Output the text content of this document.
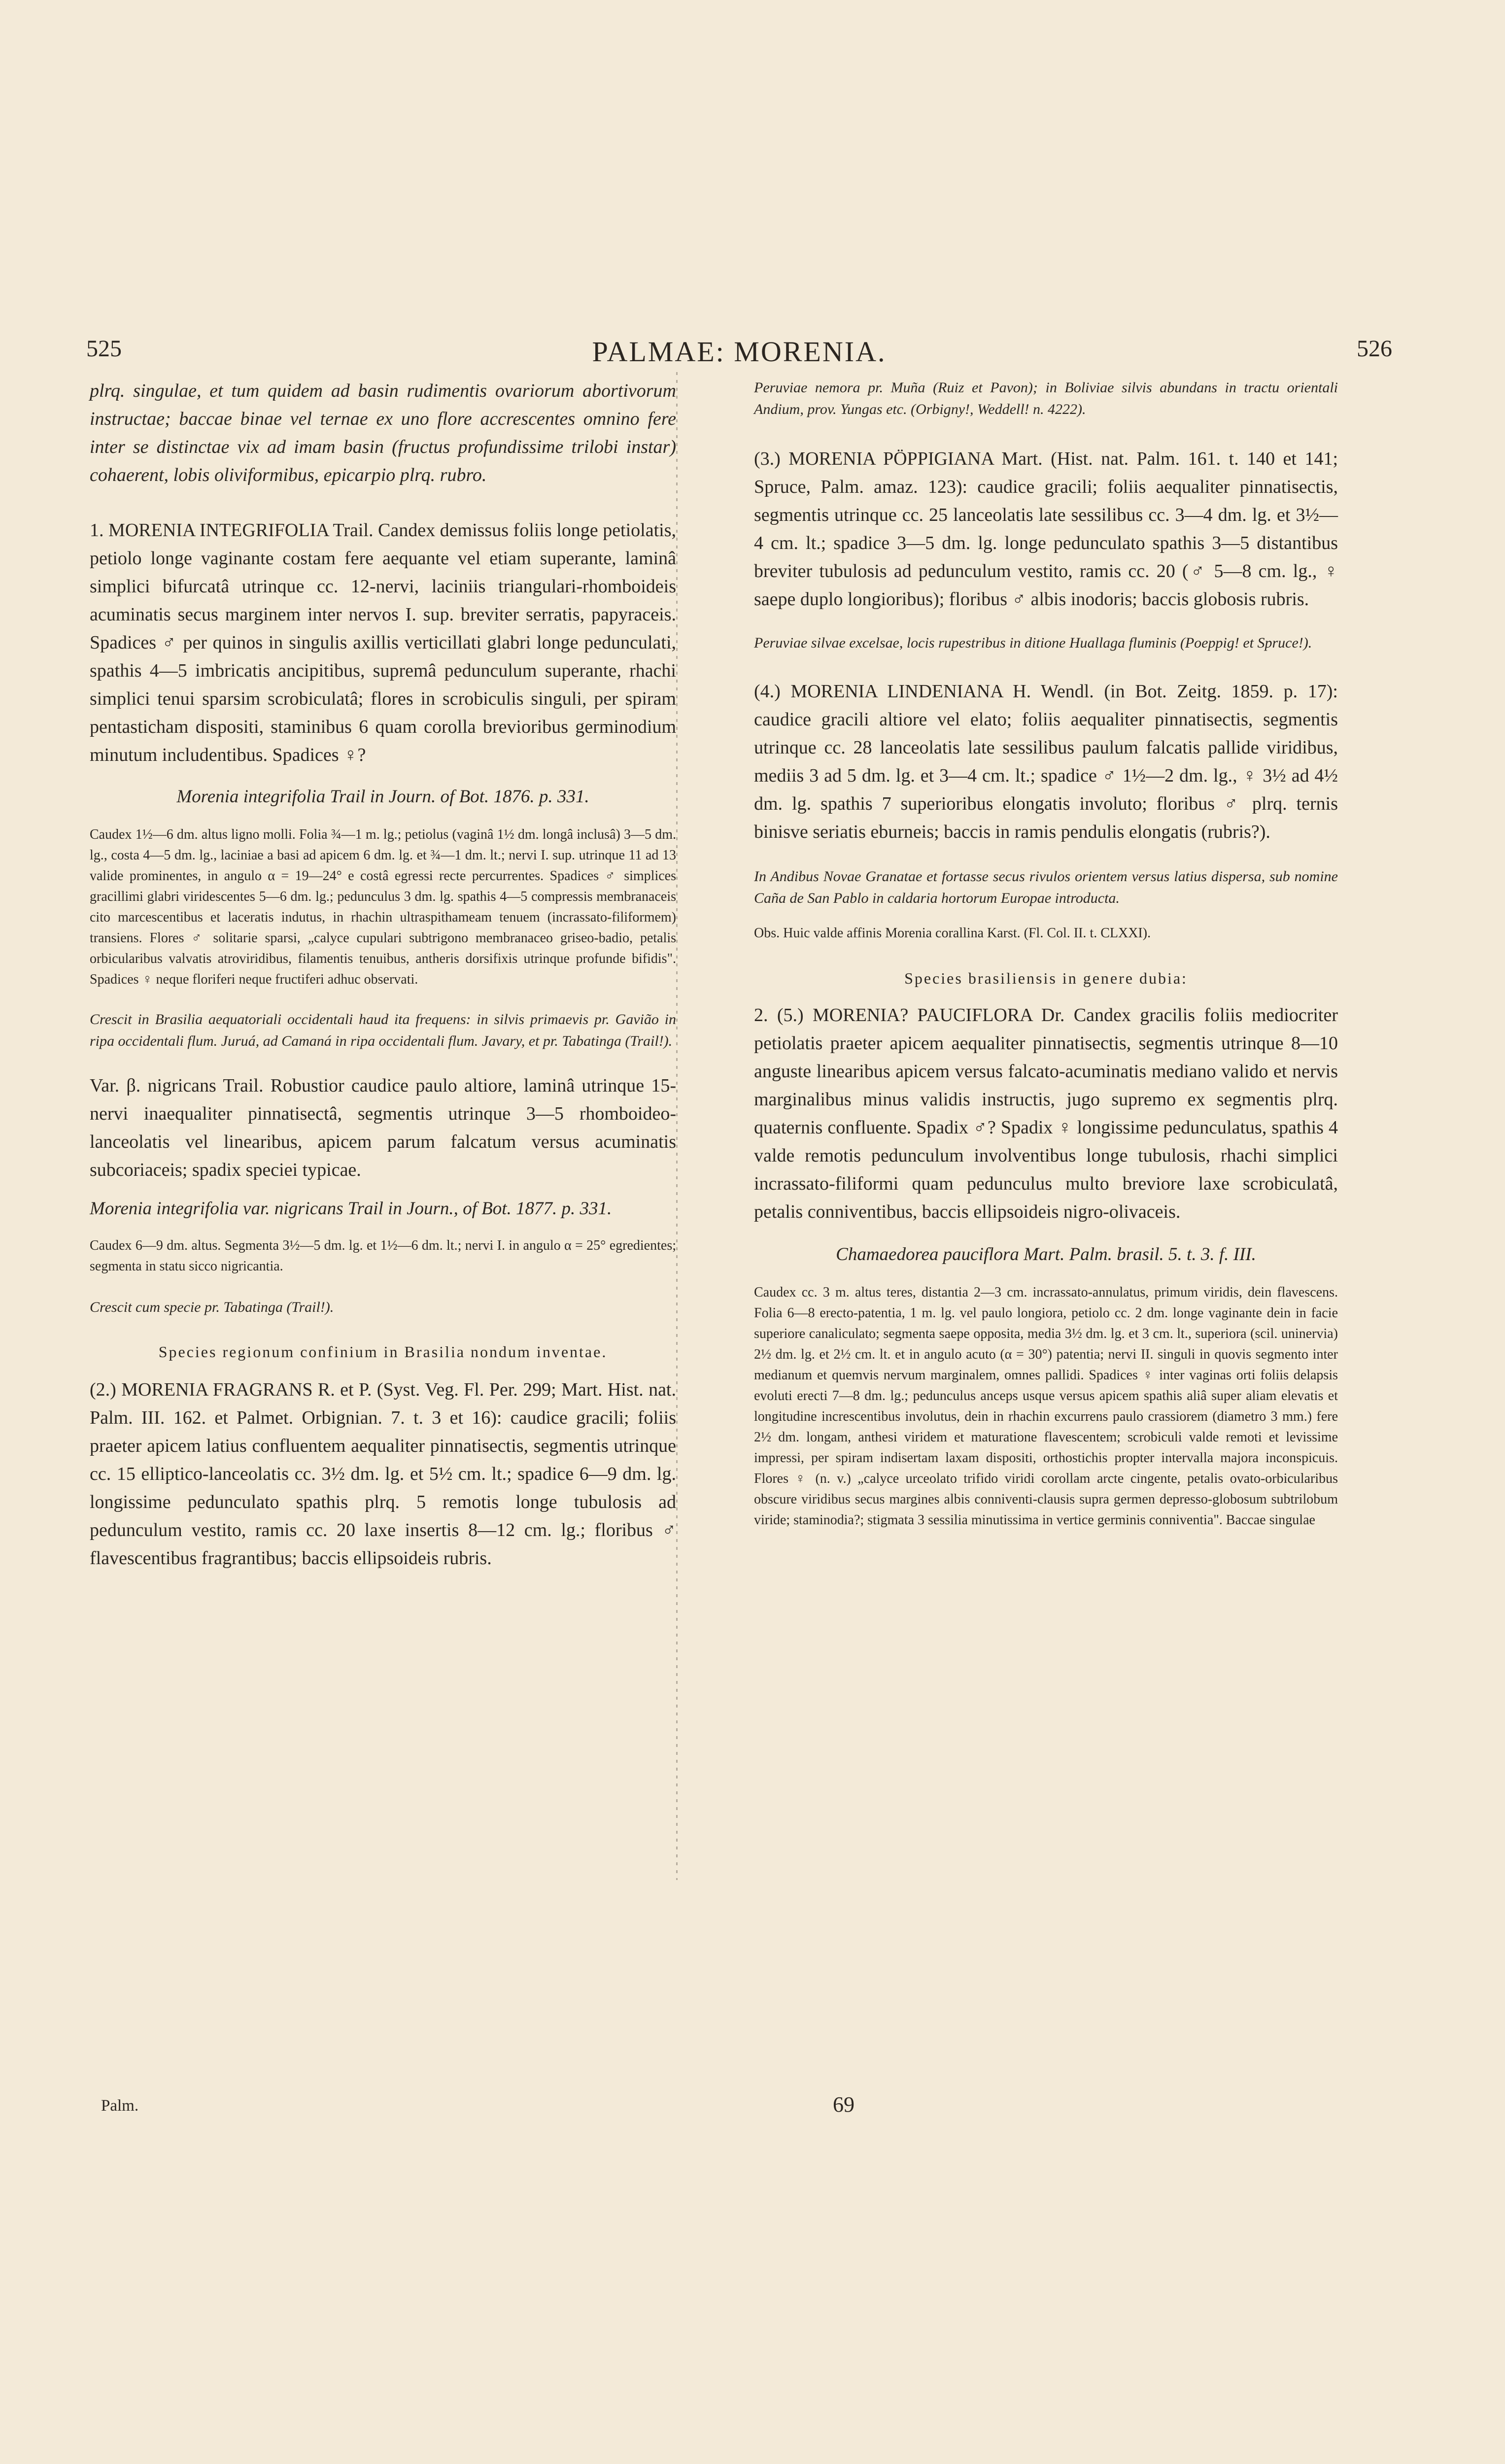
525	PALMAE: MORENIA.	526

plrq. singulae, et tum quidem ad basin rudimentis ovariorum abortivorum instructae; baccae binae vel ternae ex uno flore accrescentes omnino fere inter se distinctae vix ad imam basin (fructus profundissime trilobi instar) cohaerent, lobis oliviformibus, epicarpio plrq. rubro.

1. MORENIA INTEGRIFOLIA Trail. Candex demissus foliis longe petiolatis, petiolo longe vaginante costam fere aequante vel etiam superante, laminâ simplici bifurcatâ utrinque cc. 12-nervi, laciniis triangulari-rhomboideis acuminatis secus marginem inter nervos I. sup. breviter serratis, papyraceis. Spadices ♂ per quinos in singulis axillis verticillati glabri longe pedunculati, spathis 4—5 imbricatis ancipitibus, supremâ pedunculum superante, rhachi simplici tenui sparsim scrobiculatâ; flores in scrobiculis singuli, per spiram pentasticham dispositi, staminibus 6 quam corolla brevioribus germinodium minutum includentibus. Spadices ♀?

Morenia integrifolia Trail in Journ. of Bot. 1876. p. 331.

Caudex 1½—6 dm. altus ligno molli. Folia ¾—1 m. lg.; petiolus (vaginâ 1½ dm. longâ inclusâ) 3—5 dm. lg., costa 4—5 dm. lg., laciniae a basi ad apicem 6 dm. lg. et ¾—1 dm. lt.; nervi I. sup. utrinque 11 ad 13 valide prominentes, in angulo α = 19—24° e costâ egressi recte percurrentes. Spadices ♂ simplices gracillimi glabri viridescentes 5—6 dm. lg.; pedunculus 3 dm. lg. spathis 4—5 compressis membranaceis cito marcescentibus et laceratis indutus, in rhachin ultraspithameam tenuem (incrassato-filiformem) transiens. Flores ♂ solitarie sparsi, „calyce cupulari subtrigono membranaceo griseo-badio, petalis orbicularibus valvatis atroviridibus, filamentis tenuibus, antheris dorsifixis utrinque profunde bifidis". Spadices ♀ neque floriferi neque fructiferi adhuc observati.

Crescit in Brasilia aequatoriali occidentali haud ita frequens: in silvis primaevis pr. Gavião in ripa occidentali flum. Juruá, ad Camaná in ripa occidentali flum. Javary, et pr. Tabatinga (Trail!).

Var. β. nigricans Trail. Robustior caudice paulo altiore, laminâ utrinque 15-nervi inaequaliter pinnatisectâ, segmentis utrinque 3—5 rhomboideo-lanceolatis vel linearibus, apicem parum falcatum versus acuminatis subcoriaceis; spadix speciei typicae.

Morenia integrifolia var. nigricans Trail in Journ., of Bot. 1877. p. 331.

Caudex 6—9 dm. altus. Segmenta 3½—5 dm. lg. et 1½—6 dm. lt.; nervi I. in angulo α = 25° egredientes; segmenta in statu sicco nigricantia.

Crescit cum specie pr. Tabatinga (Trail!).

Species regionum confinium in Brasilia nondum inventae.

(2.) MORENIA FRAGRANS R. et P. (Syst. Veg. Fl. Per. 299; Mart. Hist. nat. Palm. III. 162. et Palmet. Orbignian. 7. t. 3 et 16): caudice gracili; foliis praeter apicem latius confluentem aequaliter pinnatisectis, segmentis utrinque cc. 15 elliptico-lanceolatis cc. 3½ dm. lg. et 5½ cm. lt.; spadice 6—9 dm. lg. longissime pedunculato spathis plrq. 5 remotis longe tubulosis ad pedunculum vestito, ramis cc. 20 laxe insertis 8—12 cm. lg.; floribus ♂ flavescentibus fragrantibus; baccis ellipsoideis rubris.

Peruviae nemora pr. Muña (Ruiz et Pavon); in Boliviae silvis abundans in tractu orientali Andium, prov. Yungas etc. (Orbigny!, Weddell! n. 4222).

(3.) MORENIA PÖPPIGIANA Mart. (Hist. nat. Palm. 161. t. 140 et 141; Spruce, Palm. amaz. 123): caudice gracili; foliis aequaliter pinnatisectis, segmentis utrinque cc. 25 lanceolatis late sessilibus cc. 3—4 dm. lg. et 3½—4 cm. lt.; spadice 3—5 dm. lg. longe pedunculato spathis 3—5 distantibus breviter tubulosis ad pedunculum vestito, ramis cc. 20 (♂ 5—8 cm. lg., ♀ saepe duplo longioribus); floribus ♂ albis inodoris; baccis globosis rubris.

Peruviae silvae excelsae, locis rupestribus in ditione Huallaga fluminis (Poeppig! et Spruce!).

(4.) MORENIA LINDENIANA H. Wendl. (in Bot. Zeitg. 1859. p. 17): caudice gracili altiore vel elato; foliis aequaliter pinnatisectis, segmentis utrinque cc. 28 lanceolatis late sessilibus paulum falcatis pallide viridibus, mediis 3 ad 5 dm. lg. et 3—4 cm. lt.; spadice ♂ 1½—2 dm. lg., ♀ 3½ ad 4½ dm. lg. spathis 7 superioribus elongatis involuto; floribus ♂ plrq. ternis binisve seriatis eburneis; baccis in ramis pendulis elongatis (rubris?).

In Andibus Novae Granatae et fortasse secus rivulos orientem versus latius dispersa, sub nomine Caña de San Pablo in caldaria hortorum Europae introducta.

Obs. Huic valde affinis Morenia corallina Karst. (Fl. Col. II. t. CLXXI).

Species brasiliensis in genere dubia:

2. (5.) MORENIA? PAUCIFLORA Dr. Candex gracilis foliis mediocriter petiolatis praeter apicem aequaliter pinnatisectis, segmentis utrinque 8—10 anguste linearibus apicem versus falcato-acuminatis mediano valido et nervis marginalibus minus validis instructis, jugo supremo ex segmentis plrq. quaternis confluente. Spadix ♂? Spadix ♀ longissime pedunculatus, spathis 4 valde remotis pedunculum involventibus longe tubulosis, rhachi simplici incrassato-filiformi quam pedunculus multo breviore laxe scrobiculatâ, petalis conniventibus, baccis ellipsoideis nigro-olivaceis.

Chamaedorea pauciflora Mart. Palm. brasil. 5. t. 3. f. III.

Caudex cc. 3 m. altus teres, distantia 2—3 cm. incrassato-annulatus, primum viridis, dein flavescens. Folia 6—8 erecto-patentia, 1 m. lg. vel paulo longiora, petiolo cc. 2 dm. longe vaginante dein in facie superiore canaliculato; segmenta saepe opposita, media 3½ dm. lg. et 3 cm. lt., superiora (scil. uninervia) 2½ dm. lg. et 2½ cm. lt. et in angulo acuto (α = 30°) patentia; nervi II. singuli in quovis segmento inter medianum et quemvis nervum marginalem, omnes pallidi. Spadices ♀ inter vaginas orti foliis delapsis evoluti erecti 7—8 dm. lg.; pedunculus anceps usque versus apicem spathis aliâ super aliam elevatis et longitudine increscentibus involutus, dein in rhachin excurrens paulo crassiorem (diametro 3 mm.) fere 2½ dm. longam, anthesi viridem et maturatione flavescentem; scrobiculi valde remoti et levissime impressi, per spiram indisertam laxam dispositi, orthostichis propter intervalla majora inconspicuis. Flores ♀ (n. v.) „calyce urceolato trifido viridi corollam arcte cingente, petalis ovato-orbicularibus obscure viridibus secus margines albis conniventi-clausis supra germen depresso-globosum subtrilobum viride; staminodia?; stigmata 3 sessilia minutissima in vertice germinis conniventia". Baccae singulae

Palm.	69
